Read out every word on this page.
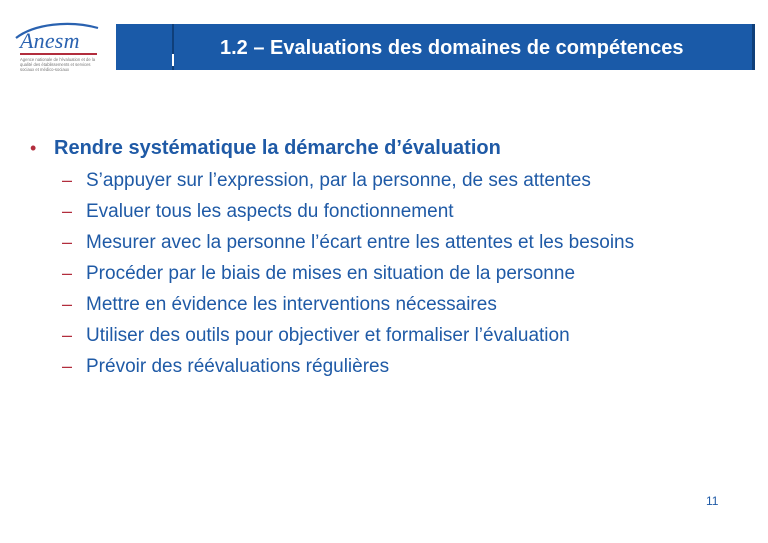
Anesm
Agence nationale de l'évaluation et de la qualité des établissements et services sociaux et médico-sociaux
1.2 – Evaluations des domaines de compétences
• Rendre systématique la démarche d’évaluation
– S’appuyer sur l’expression, par la personne, de ses attentes
– Evaluer tous les aspects du fonctionnement
– Mesurer avec la personne l’écart entre les attentes et les besoins
– Procéder par le biais de mises en situation de la personne
– Mettre en évidence les interventions nécessaires
– Utiliser des outils pour objectiver et formaliser l’évaluation
– Prévoir des réévaluations régulières
11
